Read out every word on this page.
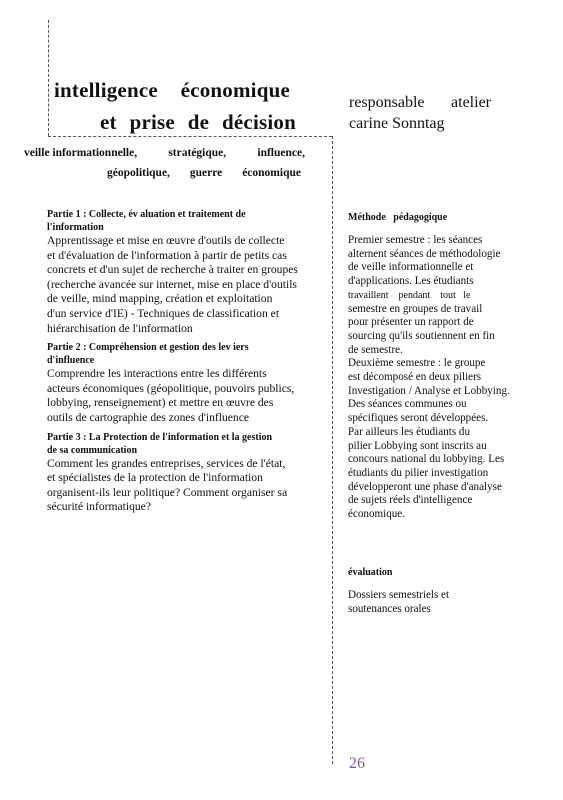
intelligence économique
et prise de décision
responsable atelier
carine Sonntag
veille informationnelle,	stratégique,	influence,
géopolitique, guerre économique
Partie 1 : Collecte, év aluation et traitement de
l'information
Apprentissage et mise en œuvre d'outils de collecte
et d'évaluation de l'information à partir de petits cas
concrets et d'un sujet de recherche à traiter en groupes
(recherche avancée sur internet, mise en place d'outils
de veille, mind mapping, création et exploitation
d'un service d'IE) - Techniques de classification et
hiérarchisation de l'information
Partie 2 : Compréhension et gestion des lev iers
d'influence
Comprendre les interactions entre les différents
acteurs économiques (géopolitique, pouvoirs publics,
lobbying, renseignement) et mettre en œuvre des
outils de cartographie des zones d'influence
Partie 3 : La Protection de l'information et la gestion
de sa communication
Comment les grandes entreprises, services de l'état,
et spécialistes de la protection de l'information
organisent-ils leur politique? Comment organiser sa
sécurité informatique?
Méthode   pédagogique
Premier semestre : les séances
alternent séances de méthodologie
de veille informationnelle et
d'applications. Les étudiants
travaillent    pendant    tout   le
semestre en groupes de travail
pour présenter un rapport de
sourcing qu'ils soutiennent en fin
de semestre.
Deuxième semestre : le groupe
est décomposé en deux piliers
Investigation / Analyse et Lobbying.
Des séances communes ou
spécifiques seront développées.
Par ailleurs les étudiants du
pilier Lobbying sont inscrits au
concours national du lobbying. Les
étudiants du pilier investigation
développeront une phase d'analyse
de sujets réels d'intelligence
économique.
évaluation
Dossiers semestriels et
soutenances orales
26
